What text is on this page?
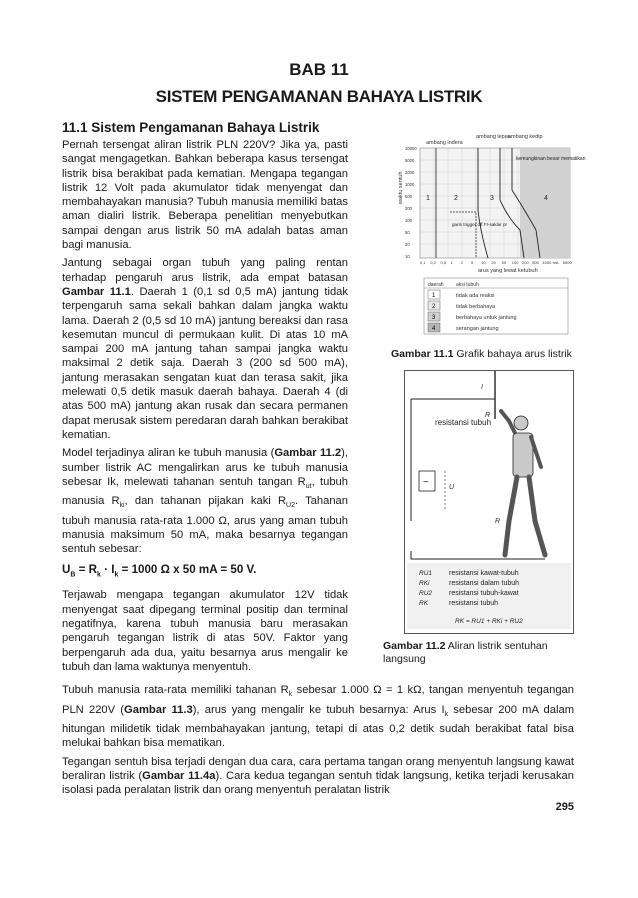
BAB 11
SISTEM PENGAMANAN BAHAYA LISTRIK
11.1 Sistem Pengamanan Bahaya Listrik

Pernah tersengat aliran listrik PLN 220V? Jika ya, pasti sangat mengagetkan. Bahkan beberapa kasus tersengat listrik bisa berakibat pada kematian. Mengapa tegangan listrik 12 Volt pada akumulator tidak menyengat dan membahayakan manusia? Tubuh manusia memiliki batas aman dialiri listrik. Beberapa penelitian menyebutkan sampai dengan arus listrik 50 mA adalah batas aman bagi manusia.

Jantung sebagai organ tubuh yang paling rentan terhadap pengaruh arus listrik, ada empat batasan Gambar 11.1. Daerah 1 (0,1 sd 0,5 mA) jantung tidak terpengaruh sama sekali bahkan dalam jangka waktu lama. Daerah 2 (0,5 sd 10 mA) jantung bereaksi dan rasa kesemutan muncul di permukaan kulit. Di atas 10 mA sampai 200 mA jantung tahan sampai jangka waktu maksimal 2 detik saja. Daerah 3 (200 sd 500 mA), jantung merasakan sengatan kuat dan terasa sakit, jika melewati 0,5 detik masuk daerah bahaya. Daerah 4 (di atas 500 mA) jantung akan rusak dan secara permanen dapat merusak sistem peredaran darah bahkan berakibat kematian.

Model terjadinya aliran ke tubuh manusia (Gambar 11.2), sumber listrik AC mengalirkan arus ke tubuh manusia sebesar Ik, melewati tahanan sentuh tangan $R_{ut}$, tubuh manusia $R_{ki}$, dan tahanan pijakan kaki $R_{U2}$. Tahanan tubuh manusia rata-rata 1.000 Ω, arus yang aman tubuh manusia maksimum 50 mA, maka besarnya tegangan sentuh sebesar:

$U_B = R_k \cdot I_k = 1000$ Ω x 50 mA = 50 V.

Terjawab mengapa tegangan akumulator 12V tidak menyengat saat dipegang terminal positip dan terminal negatifnya, karena tubuh manusia baru merasakan pengaruh tegangan listrik di atas 50V. Faktor yang berpengaruh ada dua, yaitu besarnya arus mengalir ke tubuh dan lama waktunya menyentuh.

Tubuh manusia rata-rata memiliki tahanan $R_k$ sebesar 1.000 Ω = 1 kΩ, tangan menyentuh tegangan PLN 220V (Gambar 11.3), arus yang mengalir ke tubuh besarnya: Arus $I_k$ sebesar 200 mA dalam hitungan milidetik tidak membahayakan jantung, tetapi di atas 0,2 detik sudah berakibat fatal bisa melukai bahkan bisa mematikan.

Tegangan sentuh bisa terjadi dengan dua cara, cara pertama tangan orang menyentuh langsung kawat beraliran listrik (Gambar 11.4a). Cara kedua tegangan sentuh tidak langsung, ketika terjadi kerusakan isolasi pada peralatan listrik dan orang menyentuh peralatan listrik

ambang indera
ambang lepas
ambang kedip
kemungkinan besar mematikan
garis trigger off FI-saklar pr
1	2	3	4
waktu sentuh
10000
5000
2000
1000
500
200
100
50
20
10
0,1 0,2 0,5 1 2 5 10 20 50 100 200 500 1000 mA 5000
arus yang lewat ketubuh
daerah aksi tubuh
1	tidak ada reaksi
2	tidak berbahaya
3	berbahaya untuk jantung
4	serangan jantung
Gambar 11.1 Grafik bahaya arus listrik
~	U
I
R
R
resistansi tubuh
RU1 resistansi kawat-tubuh
RKi	resistansi dalam tubuh
RU2 resistansi tubuh-kawat
RK	resistansi tubuh
RK = RU1 + RKi + RU2
Gambar 11.2 Aliran listrik sentuhan langsung
295
